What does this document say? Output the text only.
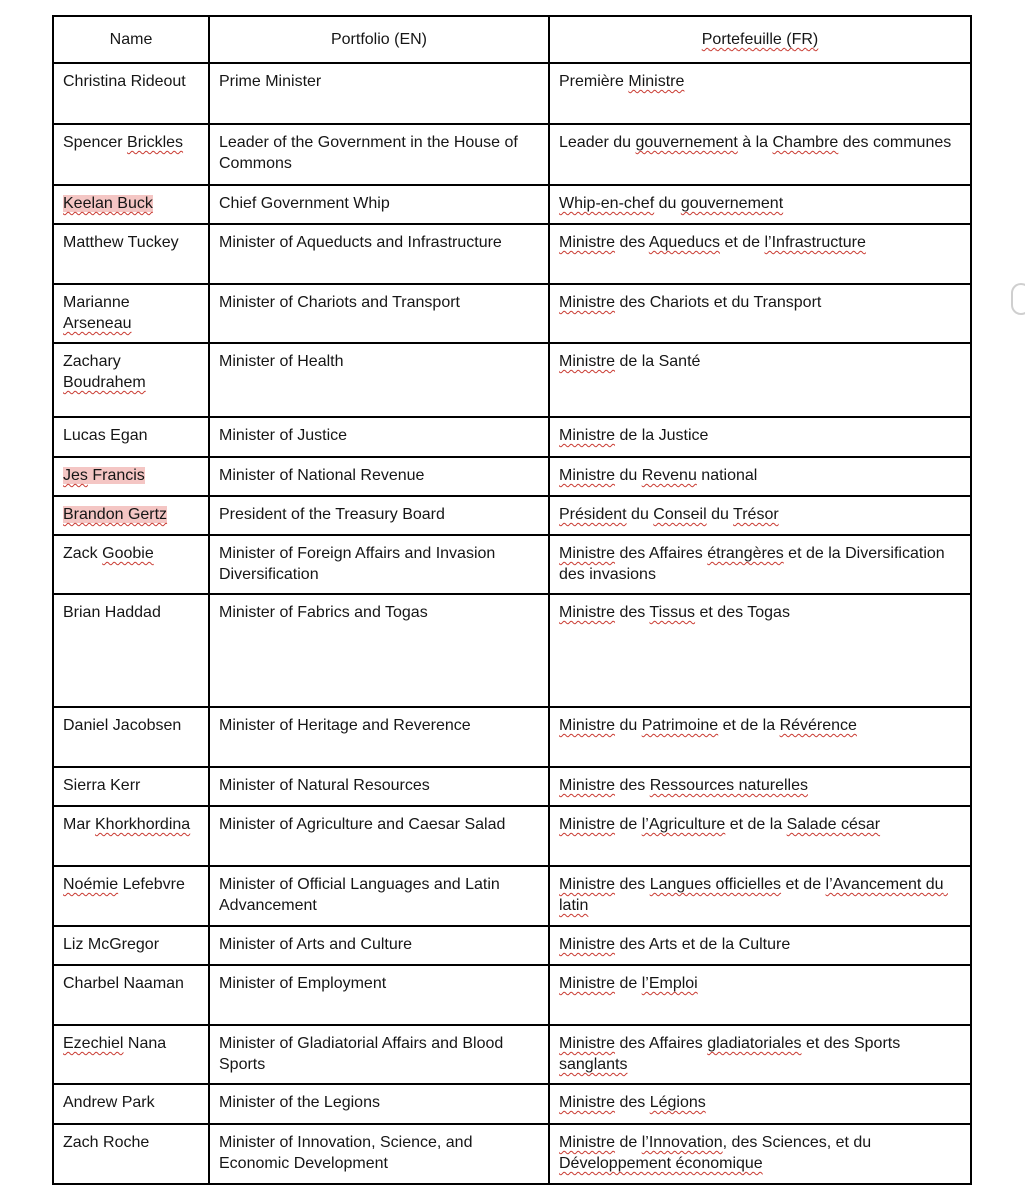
Name	Portfolio (EN)	Portefeuille (FR)
Christina Rideout	Prime Minister	Première Ministre
Spencer Brickles	Leader of the Government in the House of Commons	Leader du gouvernement à la Chambre des communes
Keelan Buck	Chief Government Whip	Whip-en-chef du gouvernement
Matthew Tuckey	Minister of Aqueducts and Infrastructure	Ministre des Aqueducs et de l’Infrastructure
Marianne Arseneau	Minister of Chariots and Transport	Ministre des Chariots et du Transport
Zachary Boudrahem	Minister of Health	Ministre de la Santé
Lucas Egan	Minister of Justice	Ministre de la Justice
Jes Francis	Minister of National Revenue	Ministre du Revenu national
Brandon Gertz	President of the Treasury Board	Président du Conseil du Trésor
Zack Goobie	Minister of Foreign Affairs and Invasion Diversification	Ministre des Affaires étrangères et de la Diversification des invasions
Brian Haddad	Minister of Fabrics and Togas	Ministre des Tissus et des Togas
Daniel Jacobsen	Minister of Heritage and Reverence	Ministre du Patrimoine et de la Révérence
Sierra Kerr	Minister of Natural Resources	Ministre des Ressources naturelles
Mar Khorkhordina	Minister of Agriculture and Caesar Salad	Ministre de l’Agriculture et de la Salade césar
Noémie Lefebvre	Minister of Official Languages and Latin Advancement	Ministre des Langues officielles et de l’Avancement du latin
Liz McGregor	Minister of Arts and Culture	Ministre des Arts et de la Culture
Charbel Naaman	Minister of Employment	Ministre de l’Emploi
Ezechiel Nana	Minister of Gladiatorial Affairs and Blood Sports	Ministre des Affaires gladiatoriales et des Sports sanglants
Andrew Park	Minister of the Legions	Ministre des Légions
Zach Roche	Minister of Innovation, Science, and Economic Development	Ministre de l’Innovation, des Sciences, et du Développement économique
